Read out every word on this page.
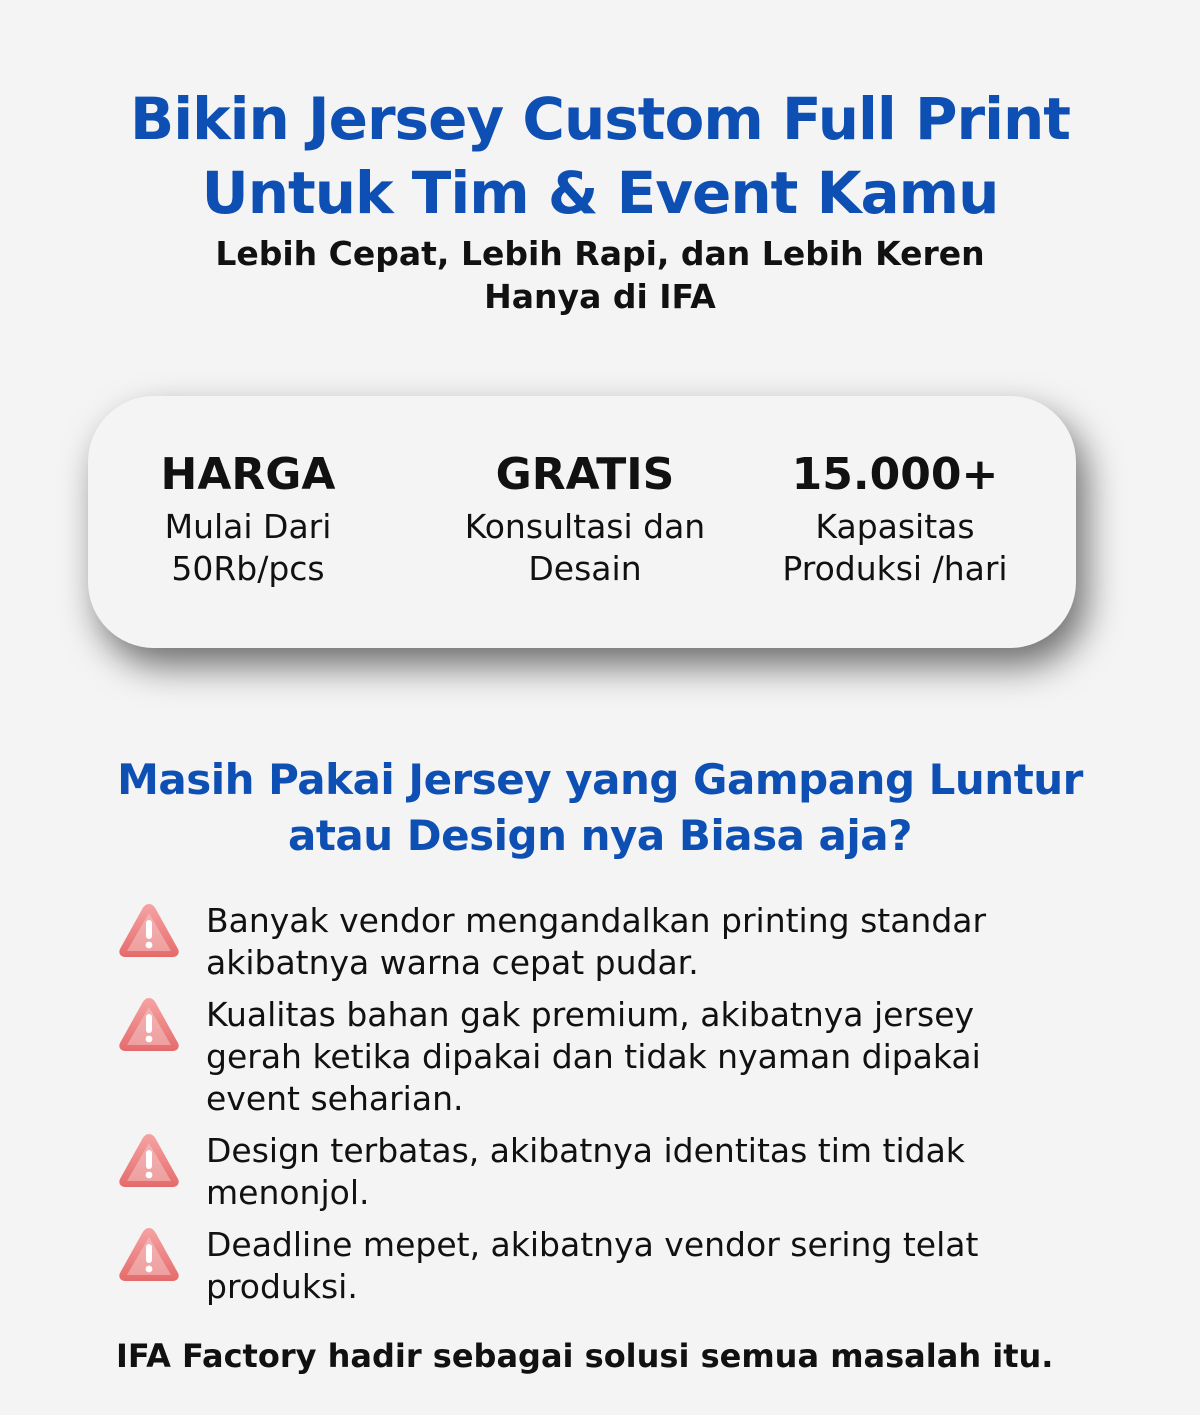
Bikin Jersey Custom Full Print
Untuk Tim & Event Kamu
Lebih Cepat, Lebih Rapi, dan Lebih Keren
Hanya di IFA
HARGA
Mulai Dari
50Rb/pcs
GRATIS
Konsultasi dan
Desain
15.000+
Kapasitas
Produksi /hari
Masih Pakai Jersey yang Gampang Luntur
atau Design nya Biasa aja?

Banyak vendor mengandalkan printing standar akibatnya warna cepat pudar.

Kualitas bahan gak premium, akibatnya jersey gerah ketika dipakai dan tidak nyaman dipakai event seharian.

Design terbatas, akibatnya identitas tim tidak menonjol.

Deadline mepet, akibatnya vendor sering telat produksi.

IFA Factory hadir sebagai solusi semua masalah itu.
